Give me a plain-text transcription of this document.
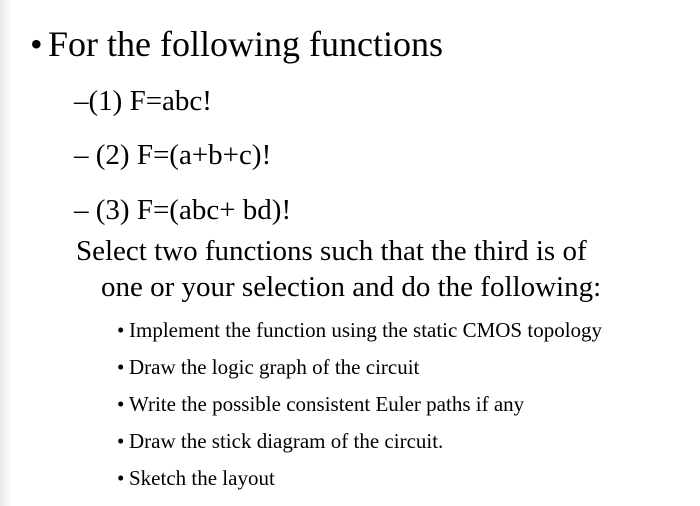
• For the following functions
–(1) F=abc!
– (2) F=(a+b+c)!
– (3) F=(abc+ bd)!
Select two functions such that the third is of
one or your selection and do the following:
• Implement the function using the static CMOS topology
• Draw the logic graph of the circuit
• Write the possible consistent Euler paths if any
• Draw the stick diagram of the circuit.
• Sketch the layout
